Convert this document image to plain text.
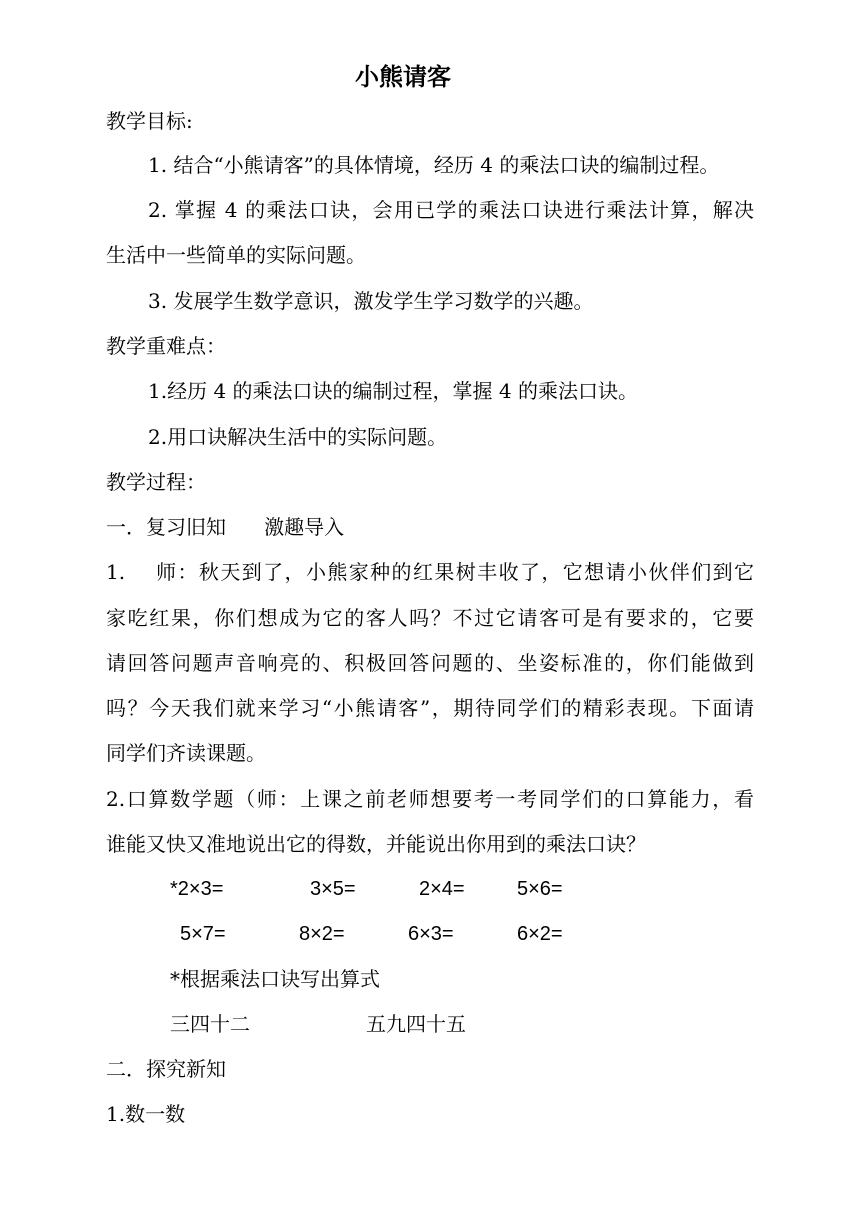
小熊请客
教学目标:
1. 结合“小熊请客”的具体情境，经历 4 的乘法口诀的编制过程。
2. 掌握 4 的乘法口诀，会用已学的乘法口诀进行乘法计算，解决
生活中一些简单的实际问题。
3. 发展学生数学意识，激发学生学习数学的兴趣。
教学重难点：
1.经历 4 的乘法口诀的编制过程，掌握 4 的乘法口诀。
2.用口诀解决生活中的实际问题。
教学过程：
一．复习旧知      激趣导入
1.    师：秋天到了，小熊家种的红果树丰收了，它想请小伙伴们到它
家吃红果，你们想成为它的客人吗？不过它请客可是有要求的，它要
请回答问题声音响亮的、积极回答问题的、坐姿标准的，你们能做到
吗？今天我们就来学习“小熊请客”，期待同学们的精彩表现。下面请
同学们齐读课题。
2.口算数学题（师：上课之前老师想要考一考同学们的口算能力，看
谁能又快又准地说出它的得数，并能说出你用到的乘法口诀？
*2×3=	3×5=	2×4=	5×6=
5×7=	8×2=	6×3=	6×2=
*根据乘法口诀写出算式
三四十二	五九四十五
二．探究新知
1.数一数
